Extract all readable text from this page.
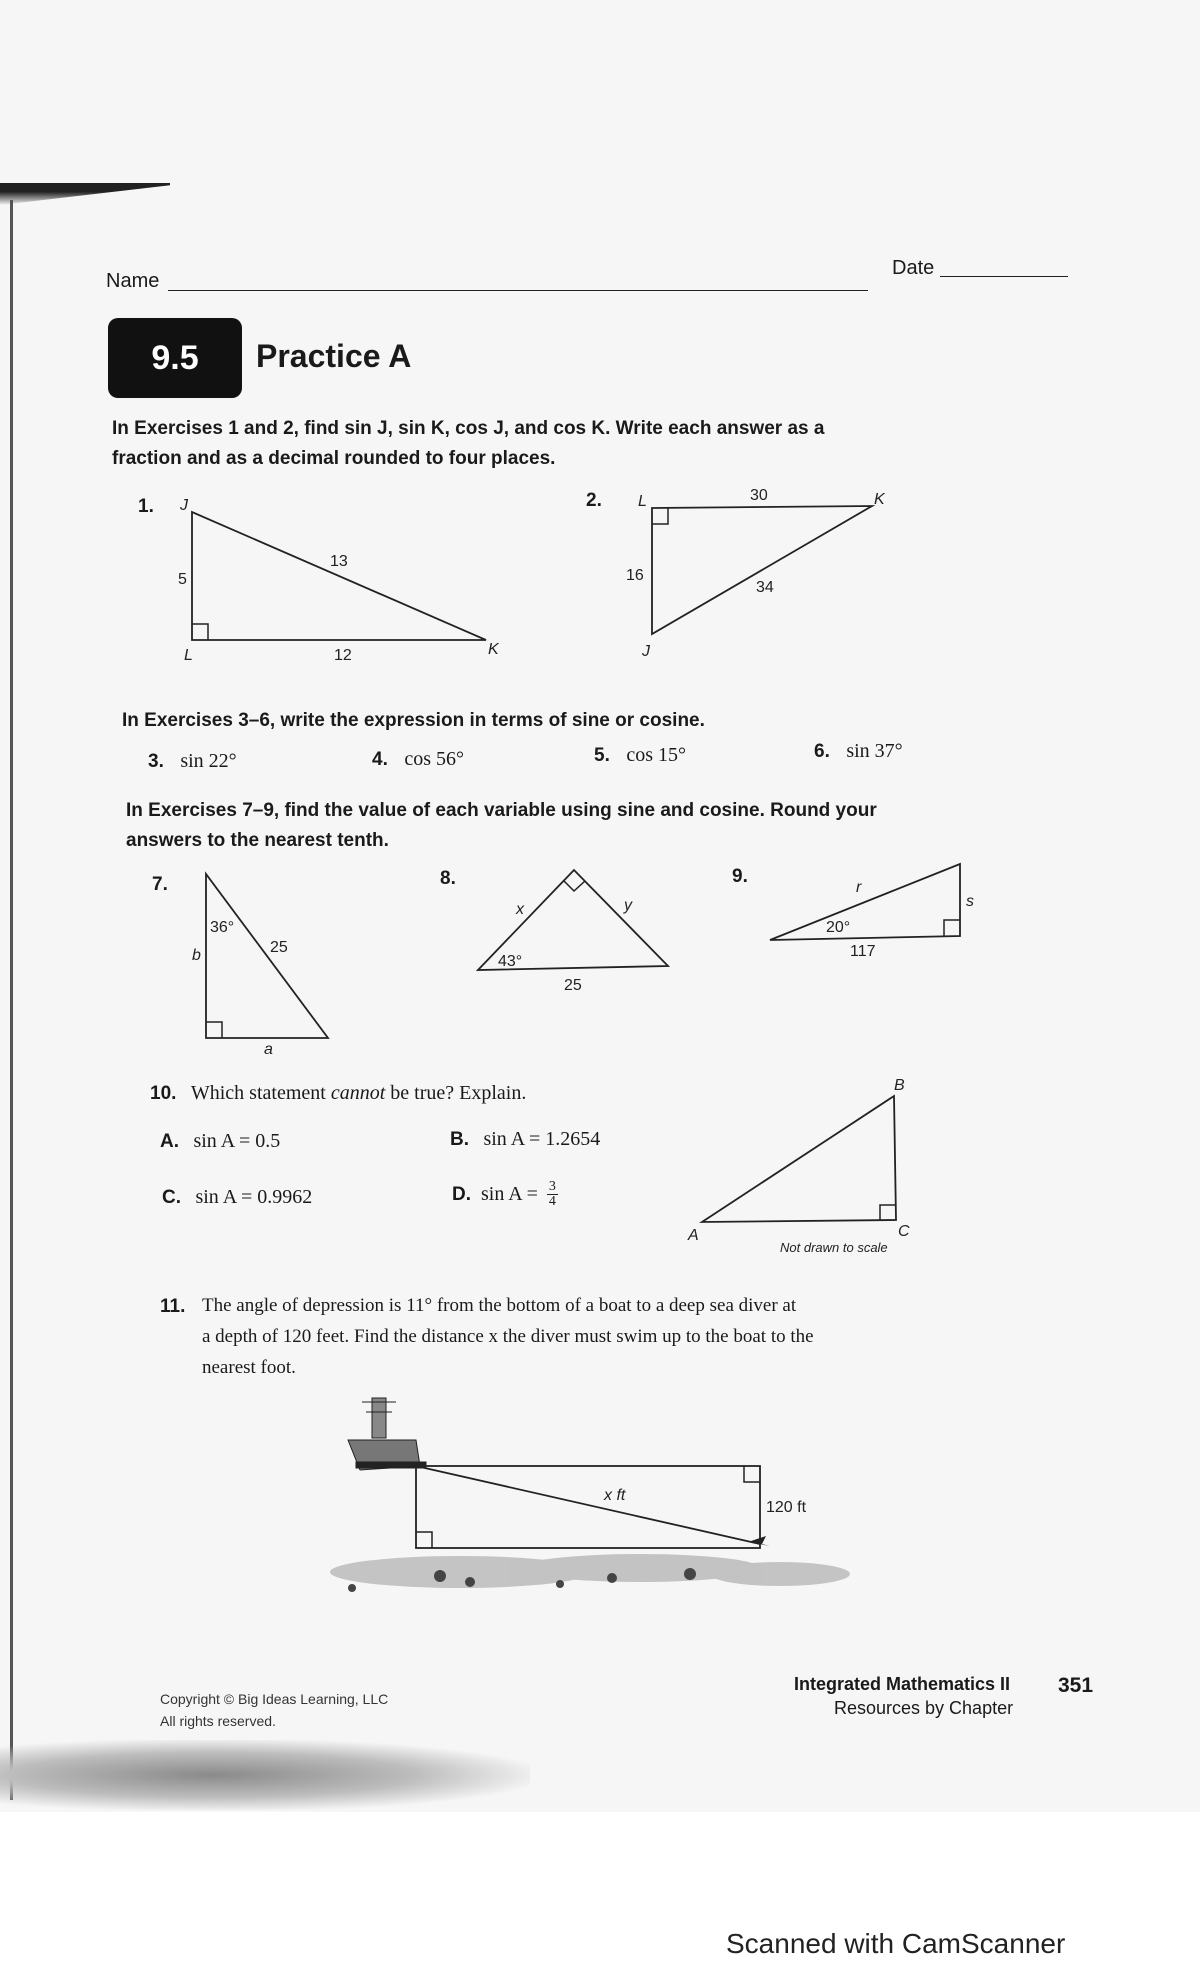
Name
Date
9.5 Practice A
In Exercises 1 and 2, find sin J, sin K, cos J, and cos K. Write each answer as a fraction and as a decimal rounded to four places.
1. J
L	K
5
13
12
2. L	K
J
30
16
34
In Exercises 3–6, write the expression in terms of sine or cosine.
3. sin 22°	4. cos 56°	5. cos 15°	6. sin 37°
In Exercises 7–9, find the value of each variable using sine and cosine. Round your answers to the nearest tenth.
7.
36°
25
b
a
8.
43°
25
x	y
9.
20°
117
r
s
10. Which statement cannot be true? Explain.
A. sin A = 0.5	B. sin A = 1.2654
C. sin A = 0.9962	D. $\sin A = \frac{3}{4}$
B
A	C
Not drawn to scale
11. The angle of depression is 11° from the bottom of a boat to a deep sea diver at
a depth of 120 feet. Find the distance x the diver must swim up to the boat to the
nearest foot.
x ft
120 ft
Copyright © Big Ideas Learning, LLC
All rights reserved.
Integrated Mathematics II
Resources by Chapter
351
Scanned with CamScanner
